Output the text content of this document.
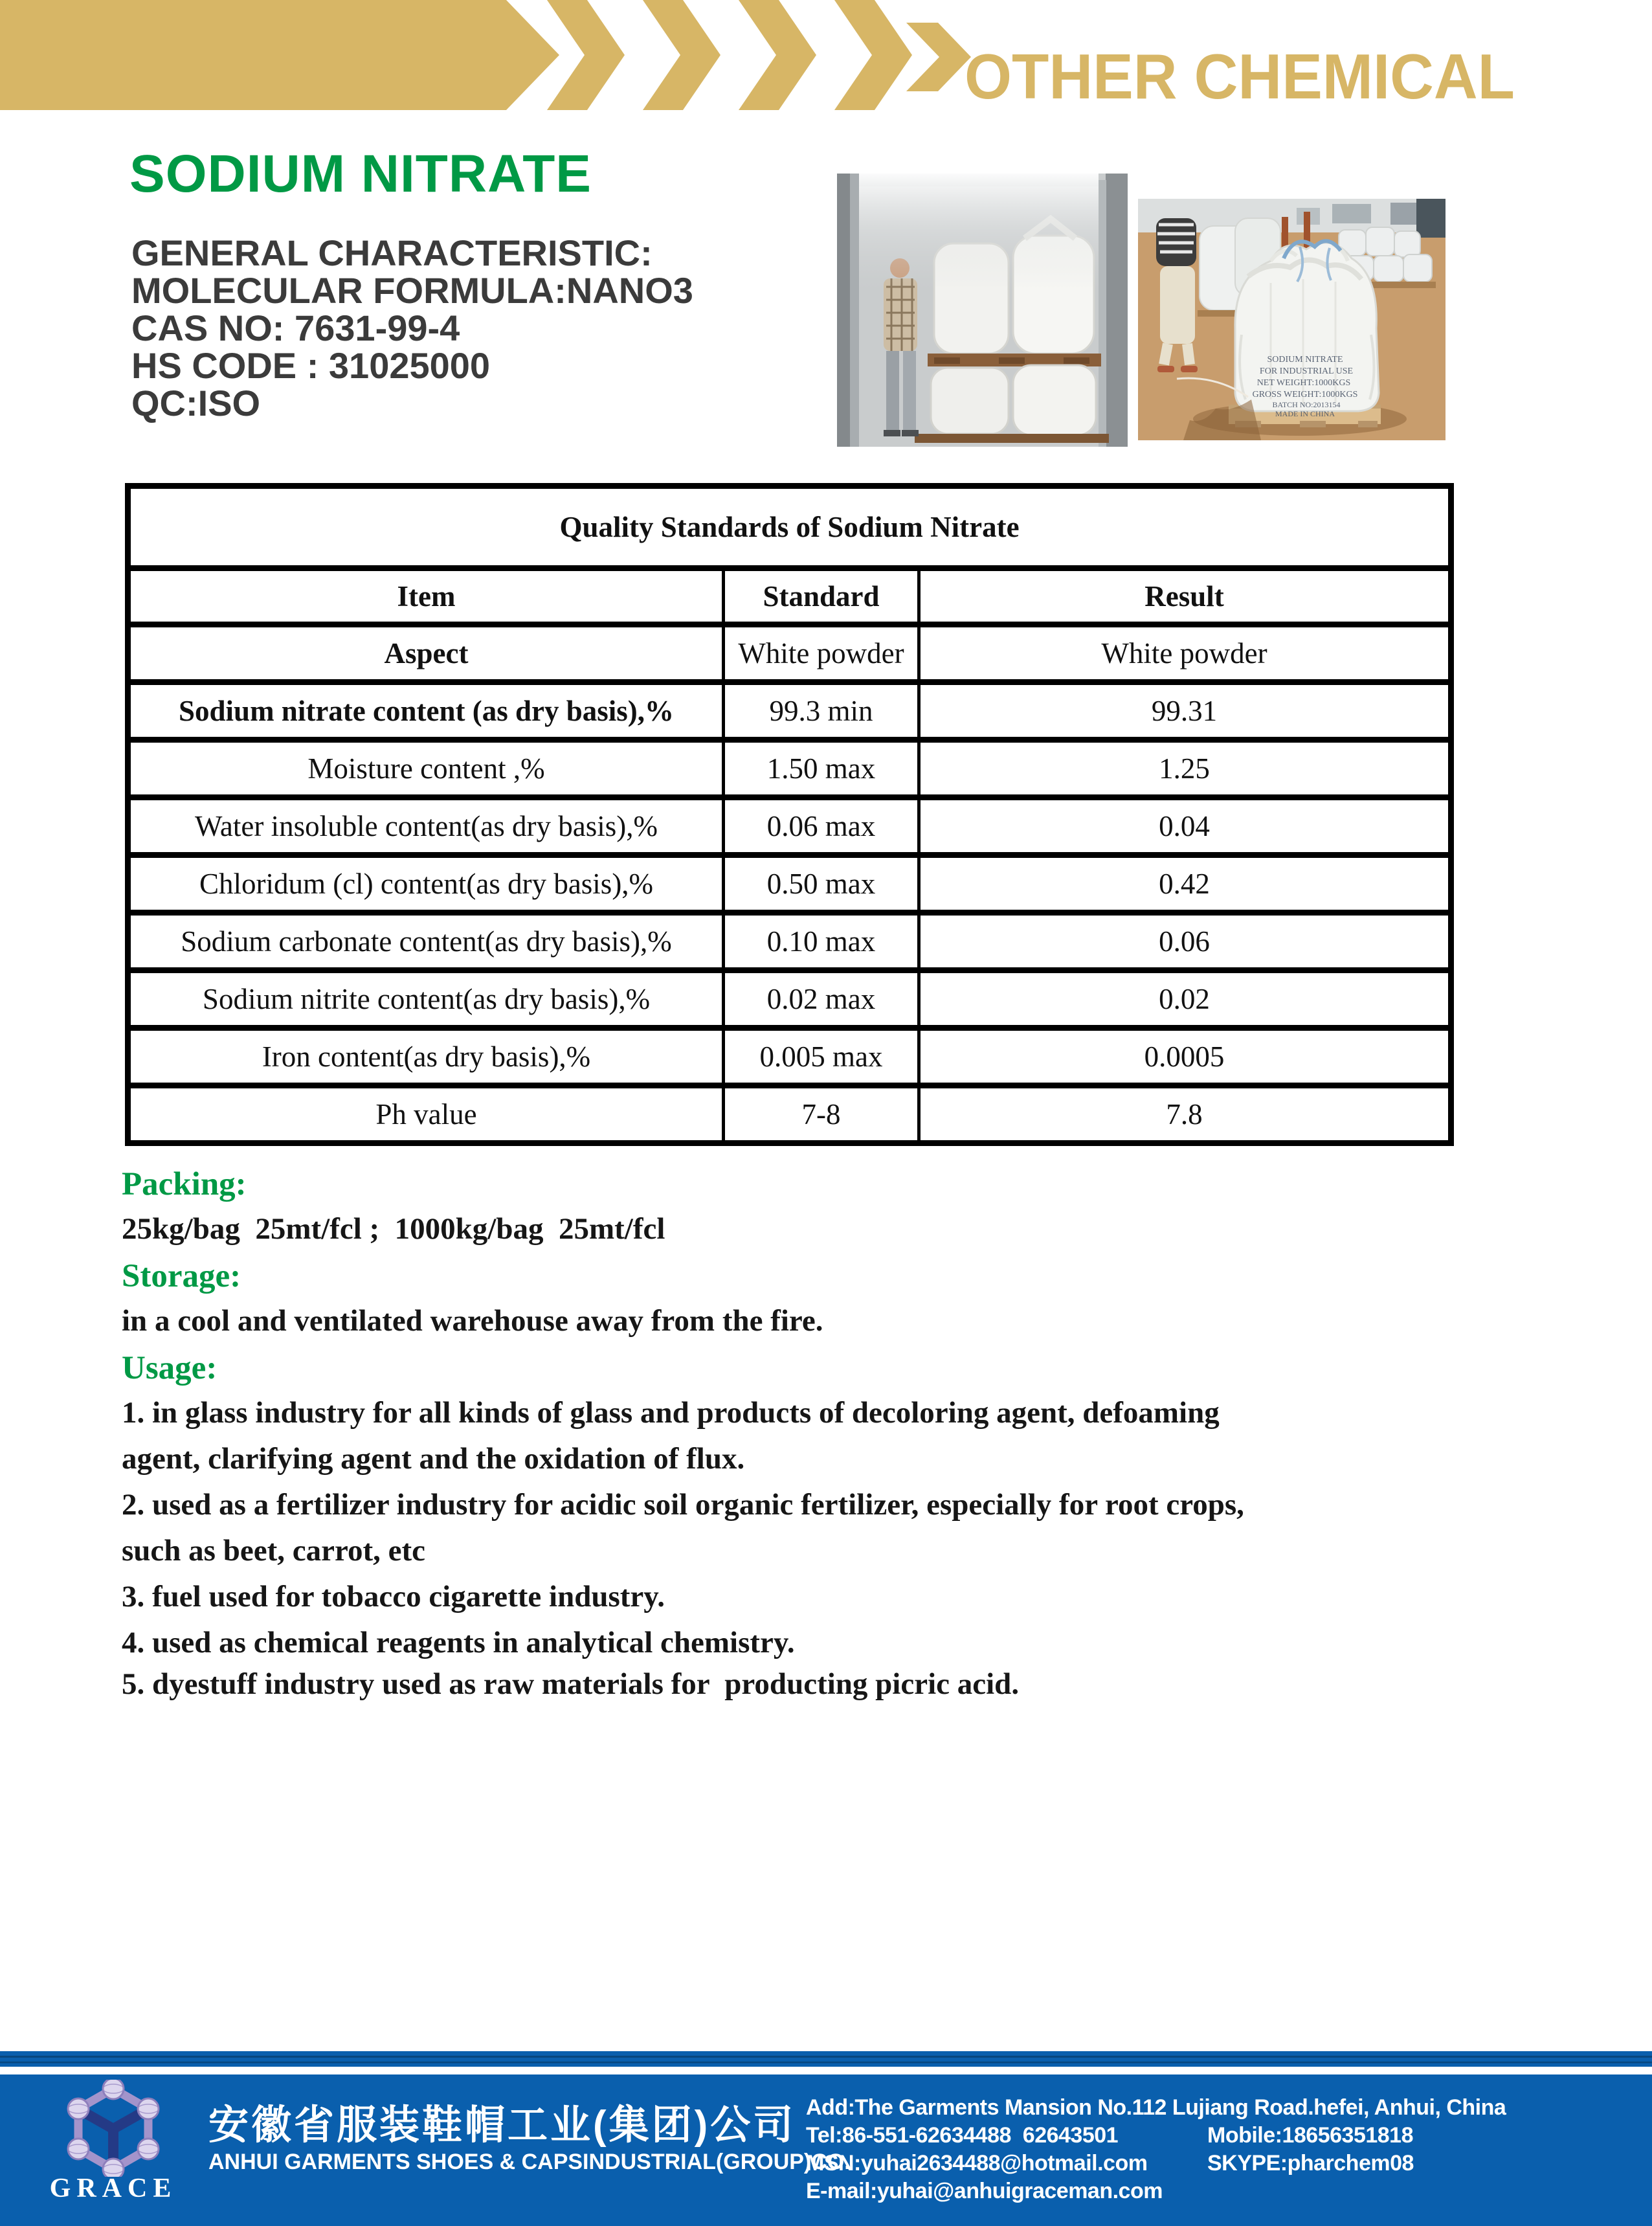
OTHER CHEMICAL
SODIUM NITRATE
GENERAL CHARACTERISTIC:
MOLECULAR FORMULA:NANO3
CAS NO: 7631-99-4
HS CODE : 31025000
QC:ISO
SODIUM NITRATE
FOR INDUSTRIAL USE
NET WEIGHT:1000KGS
GROSS WEIGHT:1000KGS
BATCH NO:2013154
MADE IN CHINA
Quality Standards of Sodium Nitrate		
Item	Standard	Result
Aspect	White powder	White powder
Sodium nitrate content (as dry basis),%	99.3 min	99.31
Moisture content ,%	1.50 max	1.25
Water insoluble content(as dry basis),%	0.06 max	0.04
Chloridum (cl) content(as dry basis),%	0.50 max	0.42
Sodium carbonate content(as dry basis),%	0.10 max	0.06
Sodium nitrite content(as dry basis),%	0.02 max	0.02
Iron content(as dry basis),%	0.005 max	0.0005
Ph value	7-8	7.8
Packing:
25kg/bag  25mt/fcl ;  1000kg/bag  25mt/fcl
Storage:
in a cool and ventilated warehouse away from the fire.
Usage:
1. in glass industry for all kinds of glass and products of decoloring agent, defoaming
agent, clarifying agent and the oxidation of flux.
2. used as a fertilizer industry for acidic soil organic fertilizer, especially for root crops,
such as beet, carrot, etc
3. fuel used for tobacco cigarette industry.
4. used as chemical reagents in analytical chemistry.
5. dyestuff industry used as raw materials for  producting picric acid.
GRACE
安徽省服装鞋帽工业(集团)公司
ANHUI GARMENTS SHOES & CAPSINDUSTRIAL(GROUP)CO.
Add:The Garments Mansion No.112 Lujiang Road.hefei, Anhui, China
Tel:86-551-62634488  62643501	Mobile:18656351818
MSN:yuhai2634488@hotmail.com	SKYPE:pharchem08
E-mail:yuhai@anhuigraceman.com
